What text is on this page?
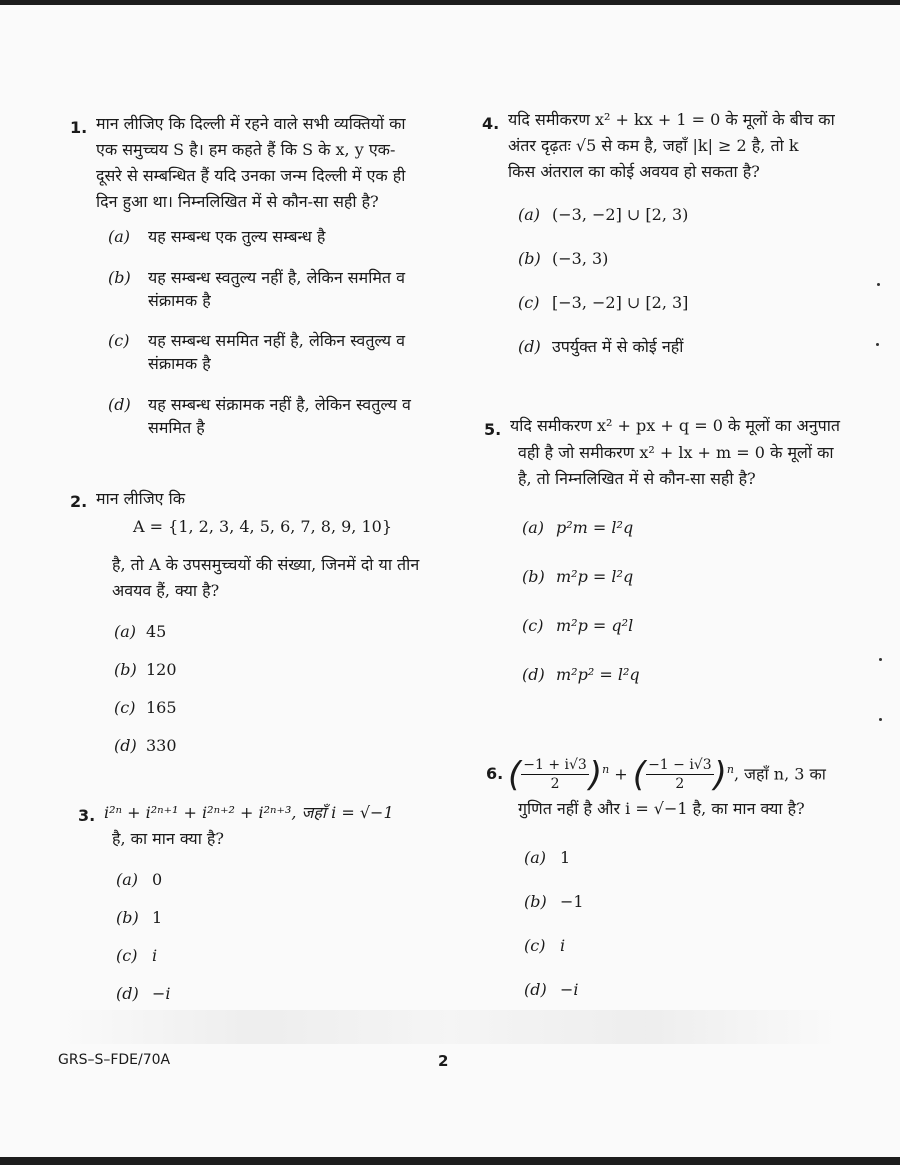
1. मान लीजिए कि दिल्ली में रहने वाले सभी व्यक्तियों का
एक समुच्चय S है। हम कहते हैं कि S के x, y एक-
दूसरे से सम्बन्धित हैं यदि उनका जन्म दिल्ली में एक ही
दिन हुआ था। निम्नलिखित में से कौन-सा सही है?
(a) यह सम्बन्ध एक तुल्य सम्बन्ध है
(b) यह सम्बन्ध स्वतुल्य नहीं है, लेकिन सममित व
संक्रामक है
(c) यह सम्बन्ध सममित नहीं है, लेकिन स्वतुल्य व
संक्रामक है
(d) यह सम्बन्ध संक्रामक नहीं है, लेकिन स्वतुल्य व
सममित है
2. मान लीजिए कि
A = {1, 2, 3, 4, 5, 6, 7, 8, 9, 10}
है, तो A के उपसमुच्चयों की संख्या, जिनमें दो या तीन
अवयव हैं, क्या है?
(a) 45
(b) 120
(c) 165
(d) 330
3. i²ⁿ + i²ⁿ⁺¹ + i²ⁿ⁺² + i²ⁿ⁺³, जहाँ i = √−1
है, का मान क्या है?
(a) 0
(b) 1
(c) i
(d) −i
4. यदि समीकरण x² + kx + 1 = 0 के मूलों के बीच का
अंतर दृढ़तः √5 से कम है, जहाँ |k| ≥ 2 है, तो k
किस अंतराल का कोई अवयव हो सकता है?
(a) (−3, −2] ∪ [2, 3)
(b) (−3, 3)
(c) [−3, −2] ∪ [2, 3]
(d) उपर्युक्त में से कोई नहीं
5. यदि समीकरण x² + px + q = 0 के मूलों का अनुपात
वही है जो समीकरण x² + lx + m = 0 के मूलों का
है, तो निम्नलिखित में से कौन-सा सही है?
(a) p²m = l²q
(b) m²p = l²q
(c) m²p = q²l
(d) m²p² = l²q
6. ( $\frac{-1 + i√3}{2} )^n$ + ( $\frac{-1 - i√3}{2} )^n$, जहाँ n, 3 का
गुणित नहीं है और i = √−1 है, का मान क्या है?
(a) 1
(b) −1
(c) i
(d) −i
GRS–S–FDE/70A	2
